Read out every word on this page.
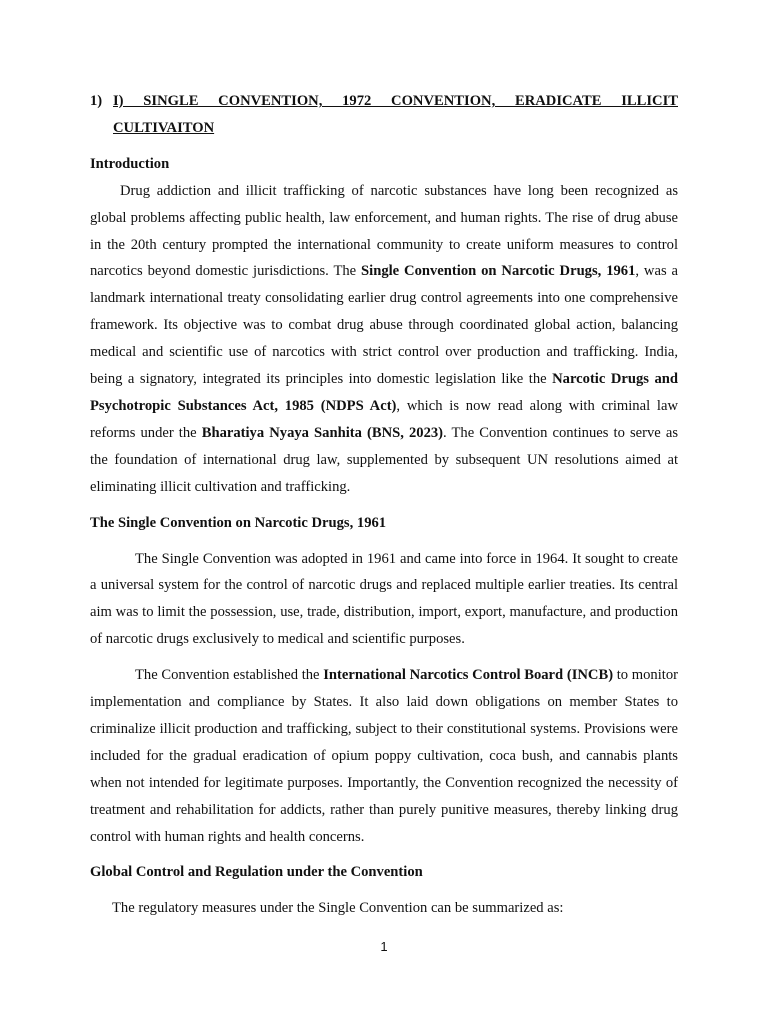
1) I) SINGLE CONVENTION, 1972 CONVENTION, ERADICATE ILLICIT CULTIVAITON
Introduction

Drug addiction and illicit trafficking of narcotic substances have long been recognized as global problems affecting public health, law enforcement, and human rights. The rise of drug abuse in the 20th century prompted the international community to create uniform measures to control narcotics beyond domestic jurisdictions. The Single Convention on Narcotic Drugs, 1961, was a landmark international treaty consolidating earlier drug control agreements into one comprehensive framework. Its objective was to combat drug abuse through coordinated global action, balancing medical and scientific use of narcotics with strict control over production and trafficking. India, being a signatory, integrated its principles into domestic legislation like the Narcotic Drugs and Psychotropic Substances Act, 1985 (NDPS Act), which is now read along with criminal law reforms under the Bharatiya Nyaya Sanhita (BNS, 2023). The Convention continues to serve as the foundation of international drug law, supplemented by subsequent UN resolutions aimed at eliminating illicit cultivation and trafficking.

The Single Convention on Narcotic Drugs, 1961

The Single Convention was adopted in 1961 and came into force in 1964. It sought to create a universal system for the control of narcotic drugs and replaced multiple earlier treaties. Its central aim was to limit the possession, use, trade, distribution, import, export, manufacture, and production of narcotic drugs exclusively to medical and scientific purposes.

The Convention established the International Narcotics Control Board (INCB) to monitor implementation and compliance by States. It also laid down obligations on member States to criminalize illicit production and trafficking, subject to their constitutional systems. Provisions were included for the gradual eradication of opium poppy cultivation, coca bush, and cannabis plants when not intended for legitimate purposes. Importantly, the Convention recognized the necessity of treatment and rehabilitation for addicts, rather than purely punitive measures, thereby linking drug control with human rights and health concerns.

Global Control and Regulation under the Convention

The regulatory measures under the Single Convention can be summarized as:

1
